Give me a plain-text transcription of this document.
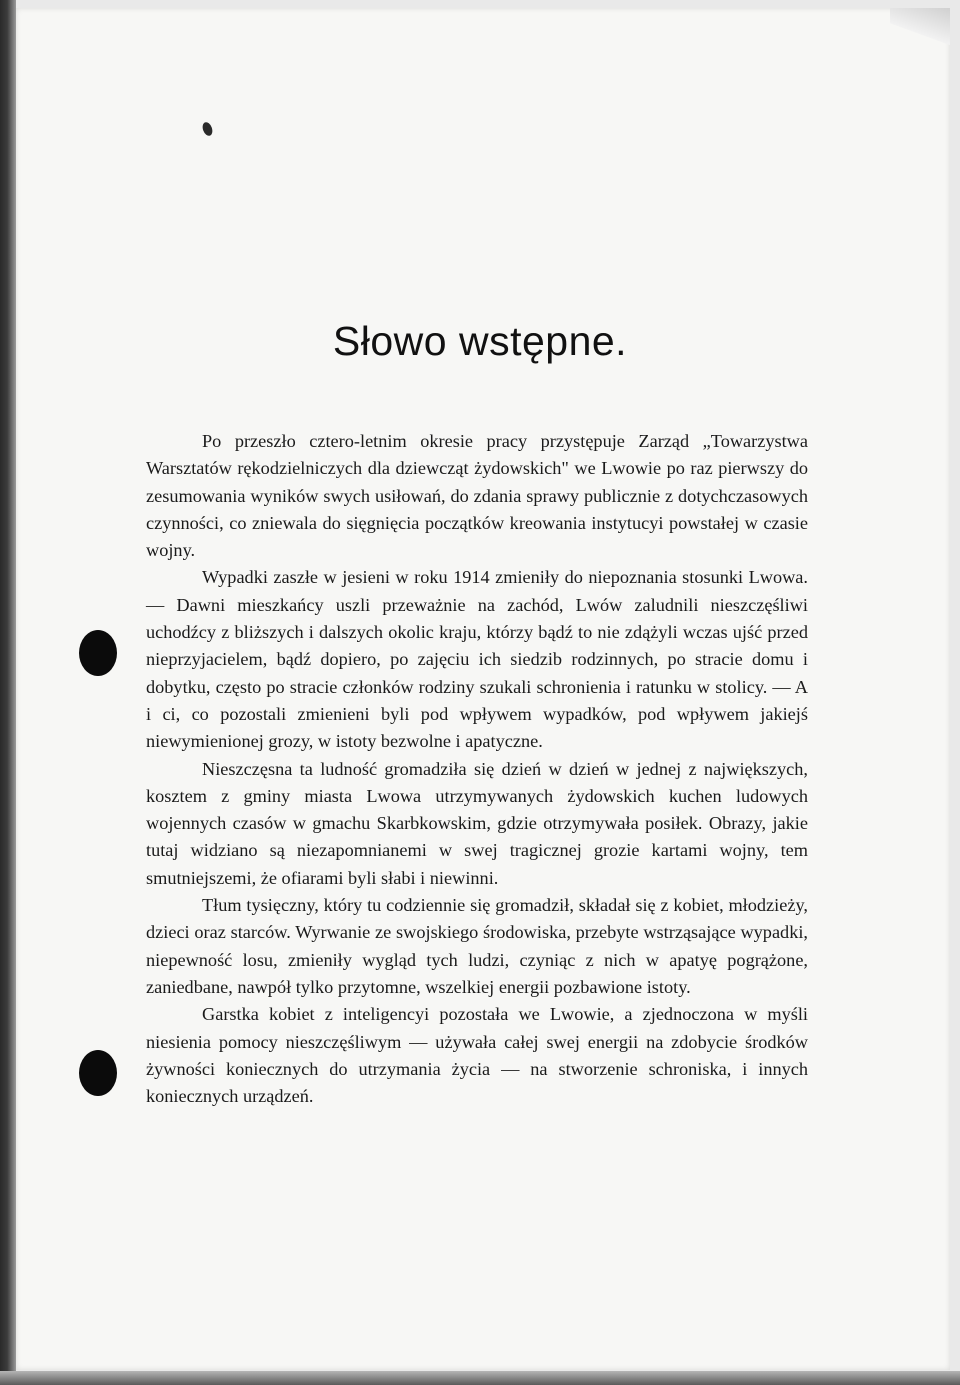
Słowo wstępne.

Po przeszło cztero-letnim okresie pracy przystępuje Zarząd „Towarzystwa Warsztatów rękodzielniczych dla dziewcząt żydowskich" we Lwowie po raz pierwszy do zesumowania wyników swych usiłowań, do zdania sprawy publicznie z dotychczasowych czynności, co zniewala do sięgnięcia początków kreowania instytucyi powstałej w czasie wojny.

Wypadki zaszłe w jesieni w roku 1914 zmieniły do niepoznania stosunki Lwowa. — Dawni mieszkańcy uszli przeważnie na zachód, Lwów zaludnili nieszczęśliwi uchodźcy z bliższych i dalszych okolic kraju, którzy bądź to nie zdążyli wczas ujść przed nieprzyjacielem, bądź dopiero, po zajęciu ich siedzib rodzinnych, po stracie domu i dobytku, często po stracie członków rodziny szukali schronienia i ratunku w stolicy. — A i ci, co pozostali zmienieni byli pod wpływem wypadków, pod wpływem jakiejś niewymienionej grozy, w istoty bezwolne i apatyczne.

Nieszczęsna ta ludność gromadziła się dzień w dzień w jednej z największych, kosztem z gminy miasta Lwowa utrzymywanych żydowskich kuchen ludowych wojennych czasów w gmachu Skarbkowskim, gdzie otrzymywała posiłek. Obrazy, jakie tutaj widziano są niezapomnianemi w swej tragicznej grozie kartami wojny, tem smutniejszemi, że ofiarami byli słabi i niewinni.

Tłum tysięczny, który tu codziennie się gromadził, składał się z kobiet, młodzieży, dzieci oraz starców. Wyrwanie ze swojskiego środowiska, przebyte wstrząsające wypadki, niepewność losu, zmieniły wygląd tych ludzi, czyniąc z nich w apatyę pogrążone, zaniedbane, nawpół tylko przytomne, wszelkiej energii pozbawione istoty.

Garstka kobiet z inteligencyi pozostała we Lwowie, a zjednoczona w myśli niesienia pomocy nieszczęśliwym — używała całej swej energii na zdobycie środków żywności koniecznych do utrzymania życia — na stworzenie schroniska, i innych koniecznych urządzeń.
